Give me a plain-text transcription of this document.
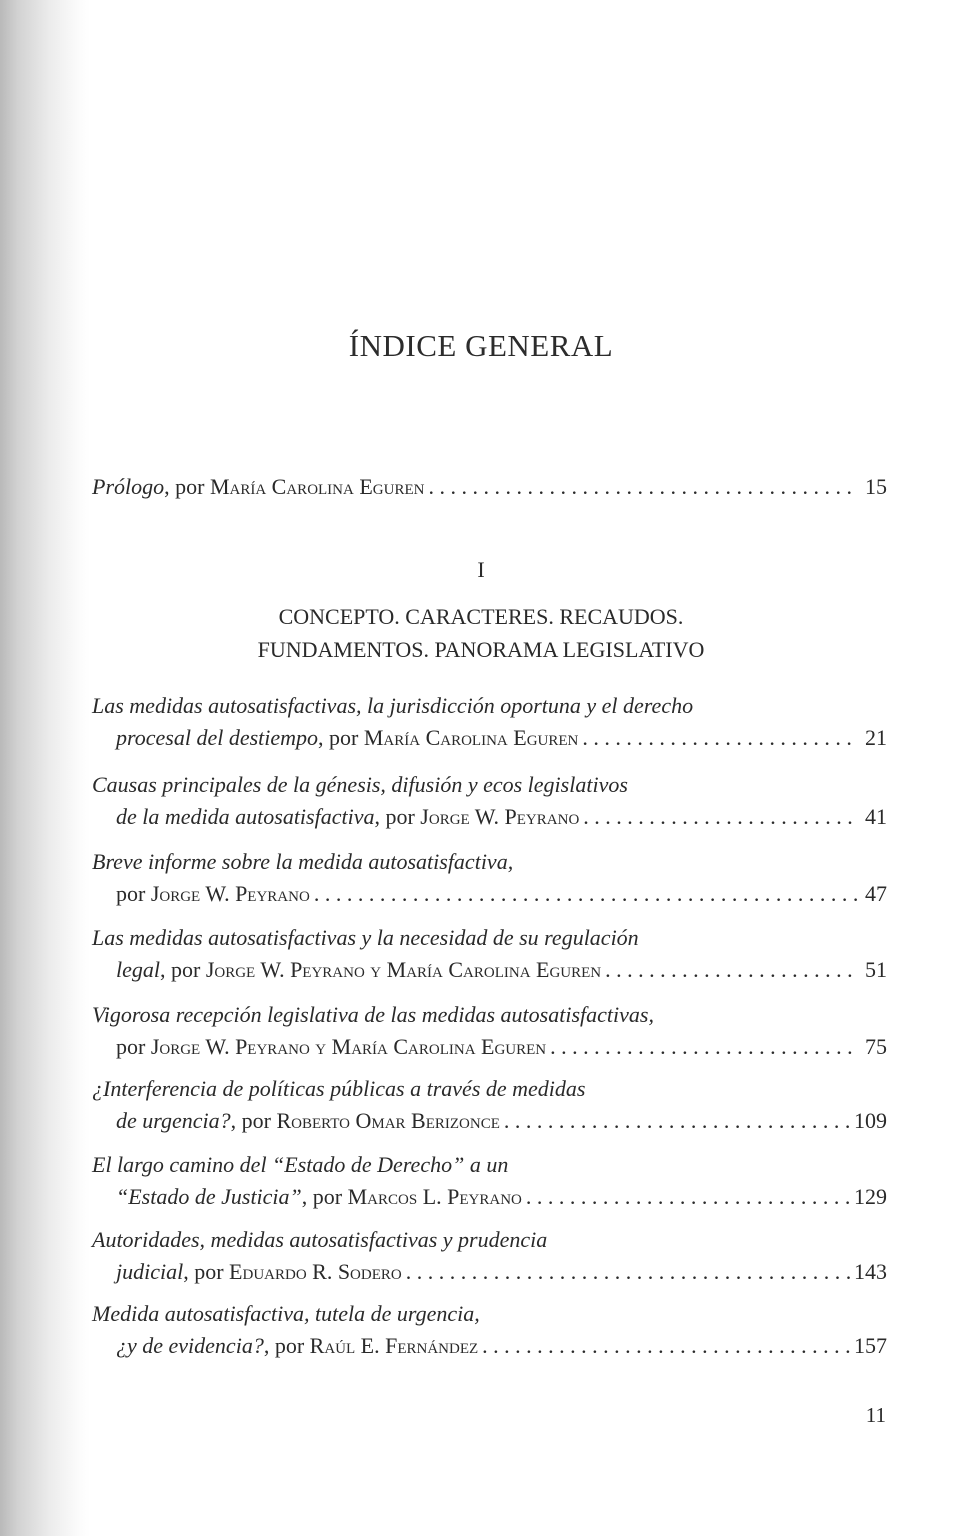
ÍNDICE GENERAL
Prólogo , por María Carolina Eguren . . .	15
I
CONCEPTO. CARACTERES. RECAUDOS.
FUNDAMENTOS. PANORAMA LEGISLATIVO
Las medidas autosatisfactivas, la jurisdicción oportuna y el derecho
procesal del destiempo , por María Carolina Eguren . . .	21
Causas principales de la génesis, difusión y ecos legislativos
de la medida autosatisfactiva , por Jorge W. Peyrano . . .	41
Breve informe sobre la medida autosatisfactiva,
por Jorge W. Peyrano . . .	47
Las medidas autosatisfactivas y la necesidad de su regulación
legal , por Jorge W. Peyrano y María Carolina Eguren . . .	51
Vigorosa recepción legislativa de las medidas autosatisfactivas,
por Jorge W. Peyrano y María Carolina Eguren . . .	75
¿Interferencia de políticas públicas a través de medidas
de urgencia? , por Roberto Omar Berizonce . . .	109
El largo camino del “Estado de Derecho” a un
“Estado de Justicia” , por Marcos L. Peyrano . . .	129
Autoridades, medidas autosatisfactivas y prudencia
judicial , por Eduardo R. Sodero . . .	143
Medida autosatisfactiva, tutela de urgencia,
¿y de evidencia? , por Raúl E. Fernández . . .	157
11
